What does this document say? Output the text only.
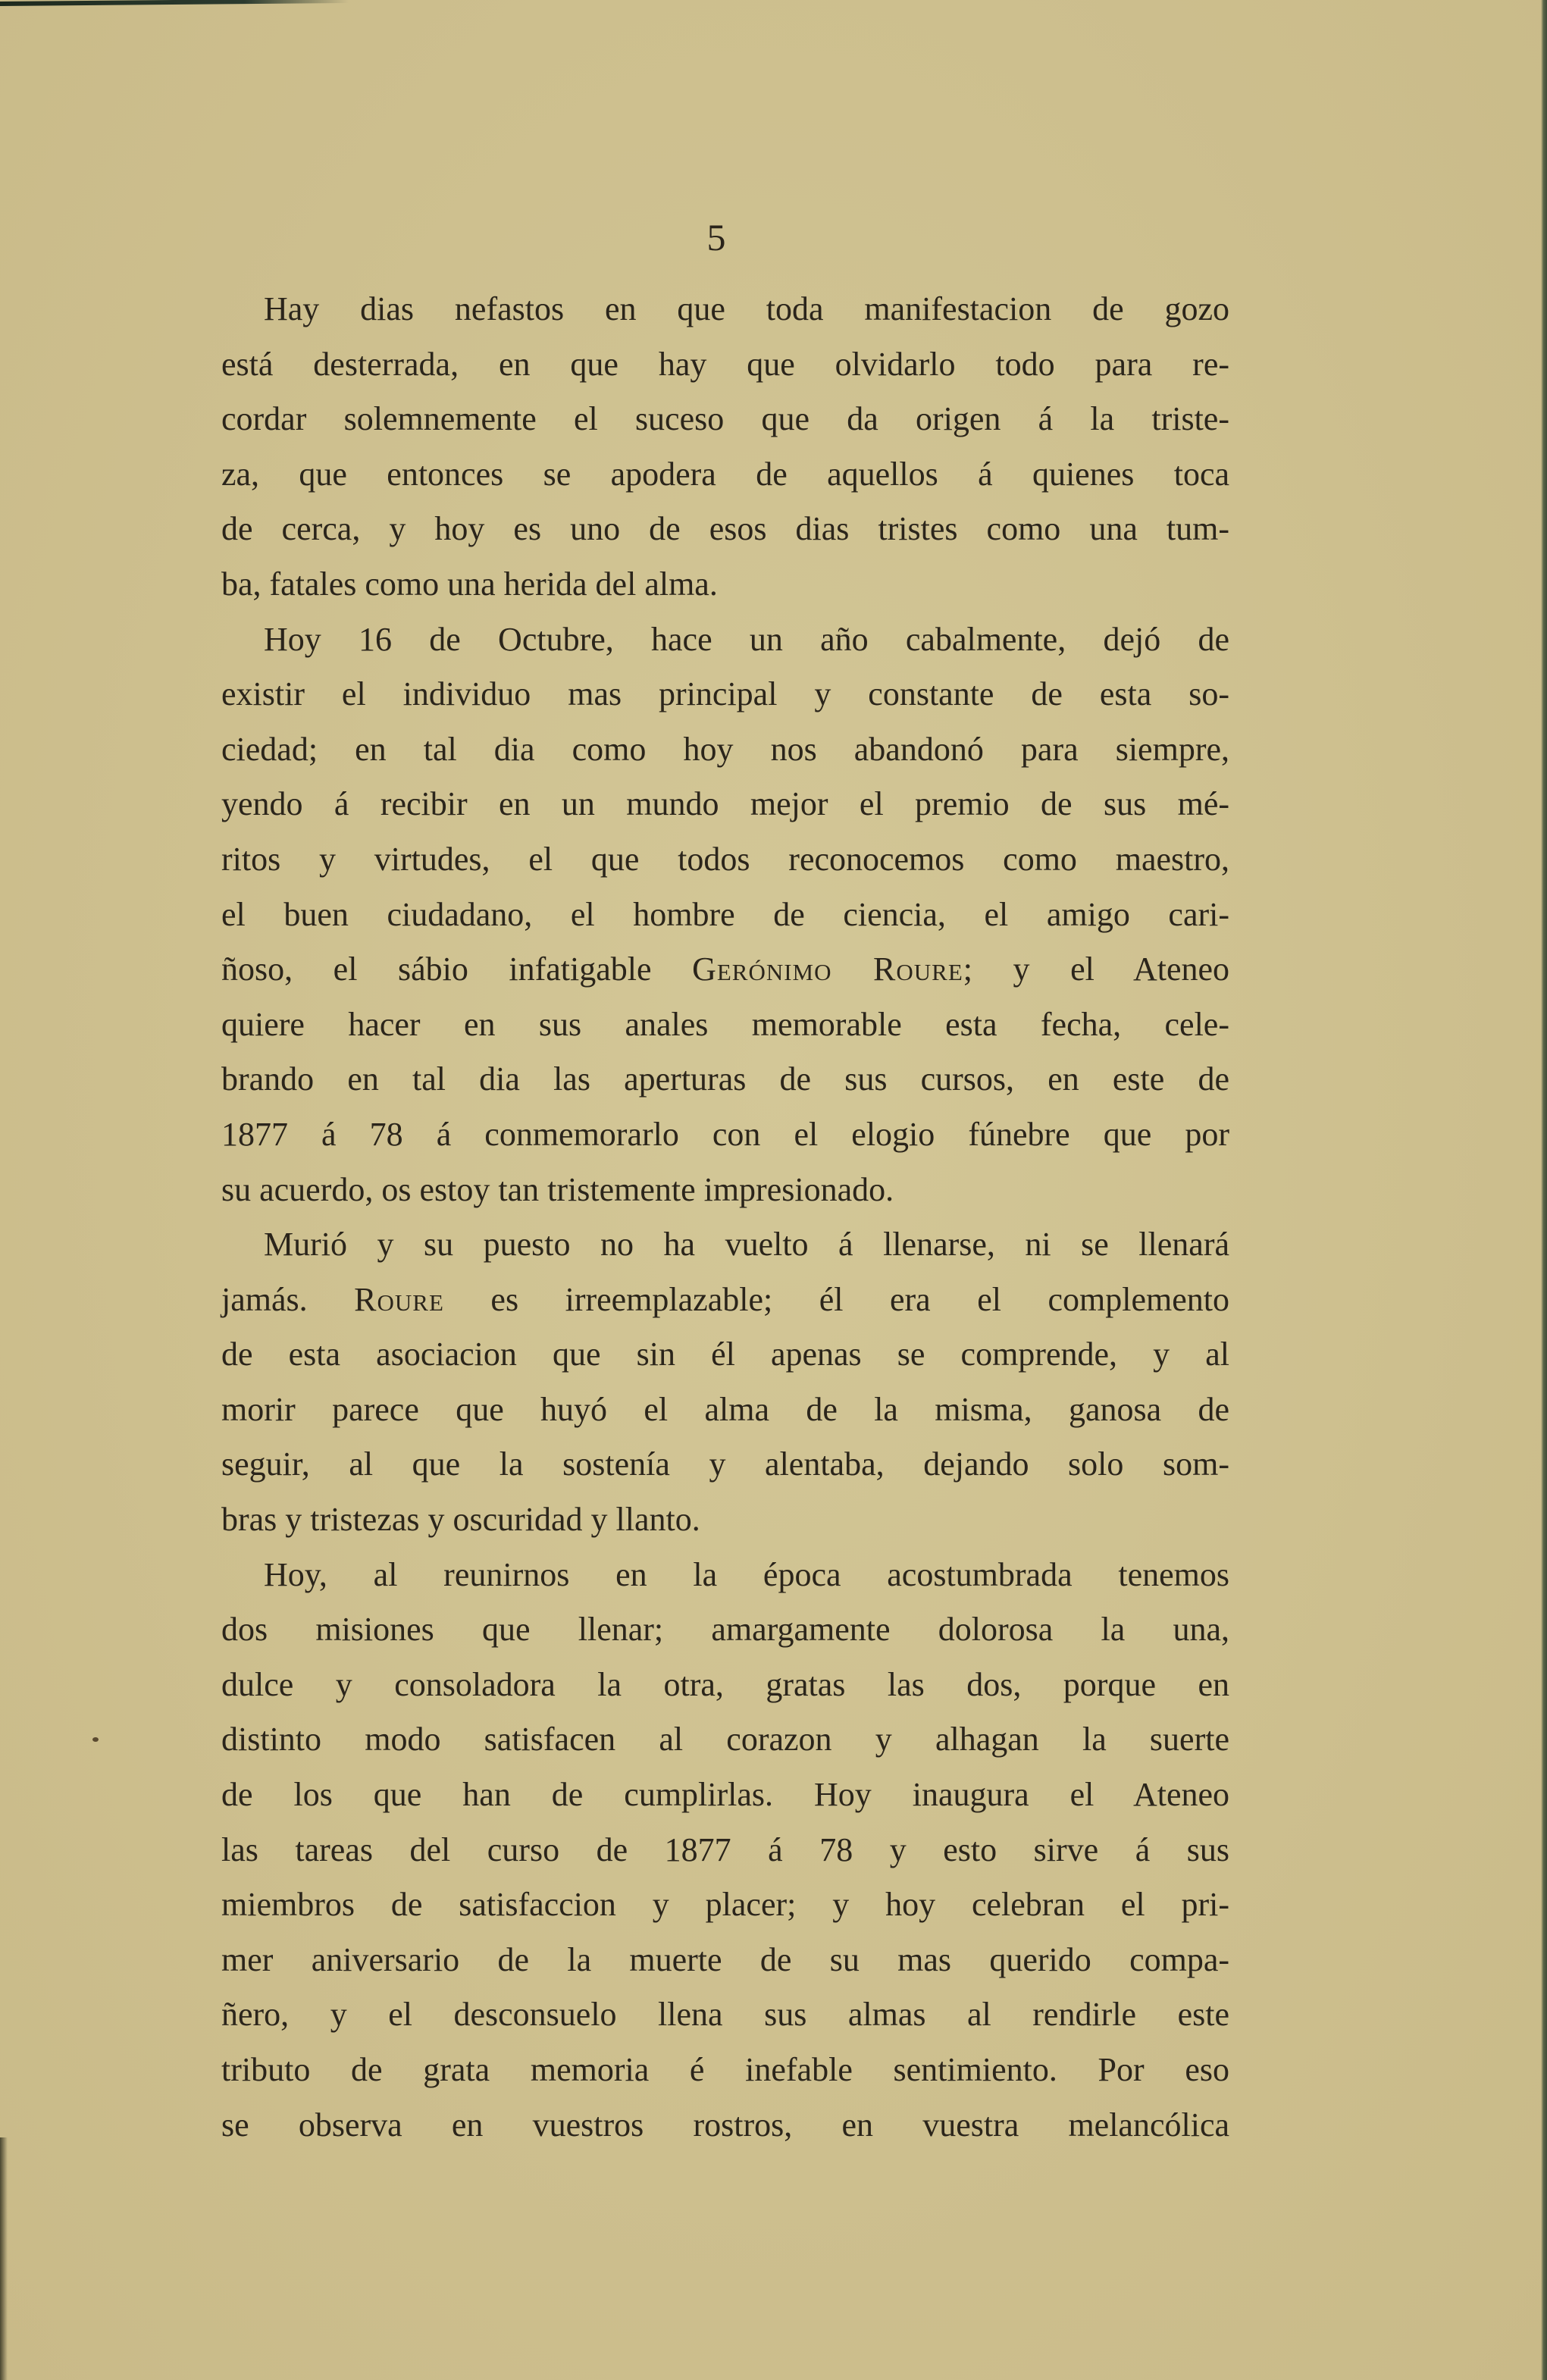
5
Hay dias nefastos en que toda manifestacion de gozo
está desterrada, en que hay que olvidarlo todo para re-
cordar solemnemente el suceso que da origen á la triste-
za, que entonces se apodera de aquellos á quienes toca
de cerca, y hoy es uno de esos dias tristes como una tum-
ba, fatales como una herida del alma.
Hoy 16 de Octubre, hace un año cabalmente, dejó de
existir el individuo mas principal y constante de esta so-
ciedad; en tal dia como hoy nos abandonó para siempre,
yendo á recibir en un mundo mejor el premio de sus mé-
ritos y virtudes, el que todos reconocemos como maestro,
el buen ciudadano, el hombre de ciencia, el amigo cari-
ñoso, el sábio infatigable Gerónimo Roure; y el Ateneo
quiere hacer en sus anales memorable esta fecha, cele-
brando en tal dia las aperturas de sus cursos, en este de
1877 á 78 á conmemorarlo con el elogio fúnebre que por
su acuerdo, os estoy tan tristemente impresionado.
Murió y su puesto no ha vuelto á llenarse, ni se llenará
jamás. Roure es irreemplazable; él era el complemento
de esta asociacion que sin él apenas se comprende, y al
morir parece que huyó el alma de la misma, ganosa de
seguir, al que la sostenía y alentaba, dejando solo som-
bras y tristezas y oscuridad y llanto.
Hoy, al reunirnos en la época acostumbrada tenemos
dos misiones que llenar; amargamente dolorosa la una,
dulce y consoladora la otra, gratas las dos, porque en
distinto modo satisfacen al corazon y alhagan la suerte
de los que han de cumplirlas. Hoy inaugura el Ateneo
las tareas del curso de 1877 á 78 y esto sirve á sus
miembros de satisfaccion y placer; y hoy celebran el pri-
mer aniversario de la muerte de su mas querido compa-
ñero, y el desconsuelo llena sus almas al rendirle este
tributo de grata memoria é inefable sentimiento. Por eso
se observa en vuestros rostros, en vuestra melancólica
